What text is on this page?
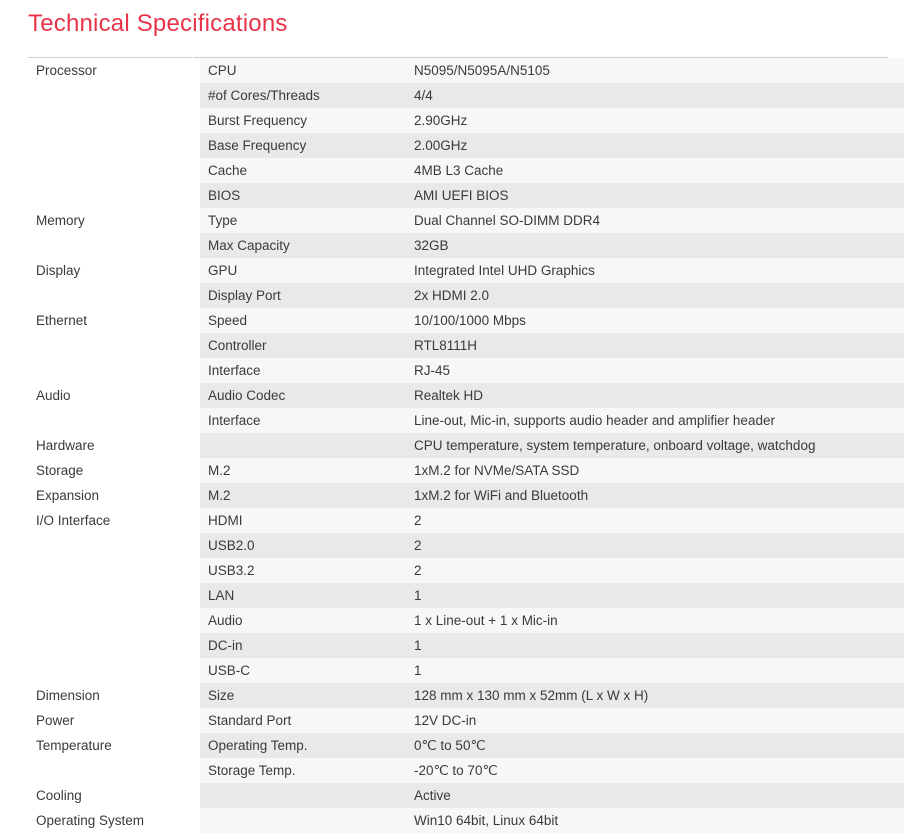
Technical Specifications
Processor	CPU	N5095/N5095A/N5105
	#of Cores/Threads	4/4
	Burst Frequency	2.90GHz
	Base Frequency	2.00GHz
	Cache	4MB L3 Cache
	BIOS	AMI UEFI BIOS
Memory	Type	Dual Channel SO-DIMM DDR4
	Max Capacity	32GB
Display	GPU	Integrated Intel UHD Graphics
	Display Port	2x HDMI 2.0
Ethernet	Speed	10/100/1000 Mbps
	Controller	RTL8111H
	Interface	RJ-45
Audio	Audio Codec	Realtek HD
	Interface	Line-out, Mic-in, supports audio header and amplifier header
Hardware		CPU temperature, system temperature, onboard voltage, watchdog
Storage	M.2	1xM.2 for NVMe/SATA SSD
Expansion	M.2	1xM.2 for WiFi and Bluetooth
I/O Interface	HDMI	2
	USB2.0	2
	USB3.2	2
	LAN	1
	Audio	1 x Line-out + 1 x Mic-in
	DC-in	1
	USB-C	1
Dimension	Size	128 mm x 130 mm x 52mm (L x W x H)
Power	Standard Port	12V DC-in
Temperature	Operating Temp.	0℃ to 50℃
	Storage Temp.	-20℃ to 70℃
Cooling		Active
Operating System		Win10 64bit, Linux 64bit
